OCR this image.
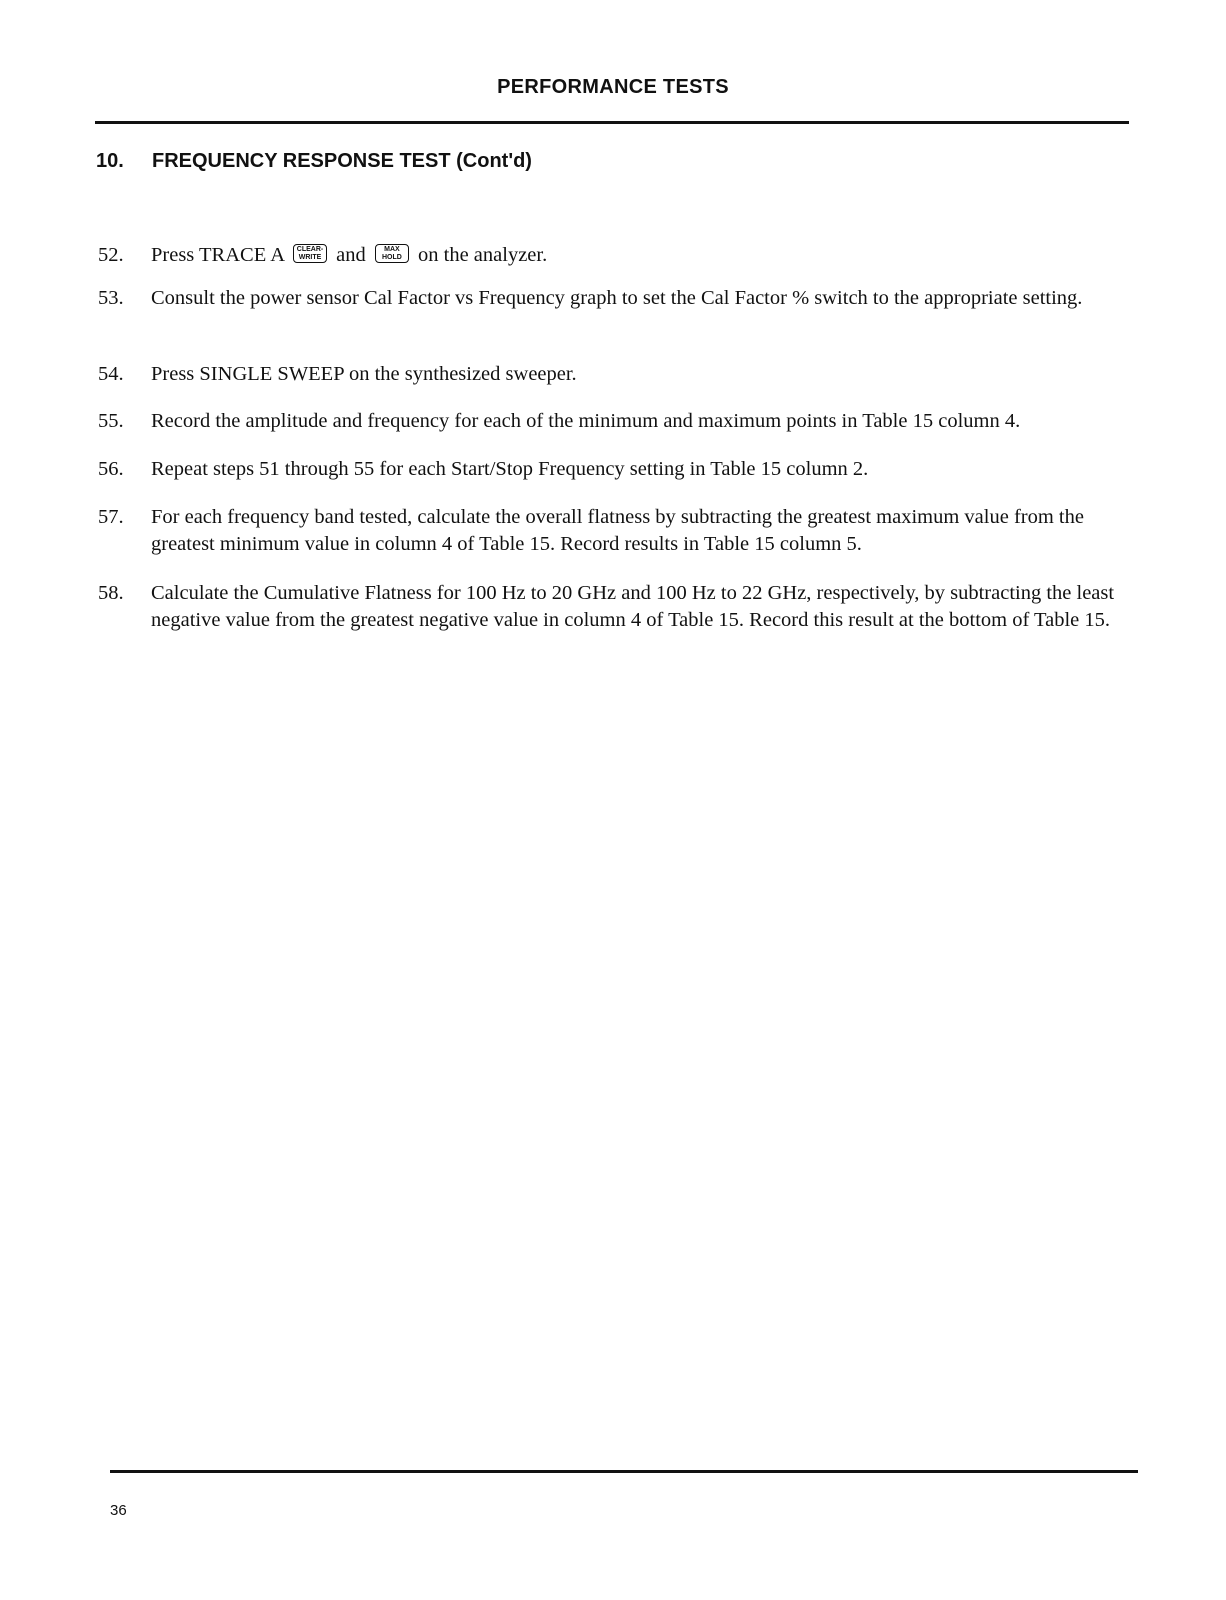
PERFORMANCE TESTS
10. FREQUENCY RESPONSE TEST (Cont'd)
52. Press TRACE A	CLEAR-
WRITE and	MAX
HOLD on the analyzer.
53. Consult the power sensor Cal Factor vs Frequency graph to set the Cal Factor % switch to the appropriate setting.
54. Press SINGLE SWEEP on the synthesized sweeper.
55. Record the amplitude and frequency for each of the minimum and maximum points in Table 15 column 4.
56. Repeat steps 51 through 55 for each Start/Stop Frequency setting in Table 15 column 2.
57. For each frequency band tested, calculate the overall flatness by subtracting the greatest maximum value from the greatest minimum value in column 4 of Table 15. Record results in Table 15 column 5.
58. Calculate the Cumulative Flatness for 100 Hz to 20 GHz and 100 Hz to 22 GHz, respectively, by subtracting the least negative value from the greatest negative value in column 4 of Table 15. Record this result at the bottom of Table 15.
36
